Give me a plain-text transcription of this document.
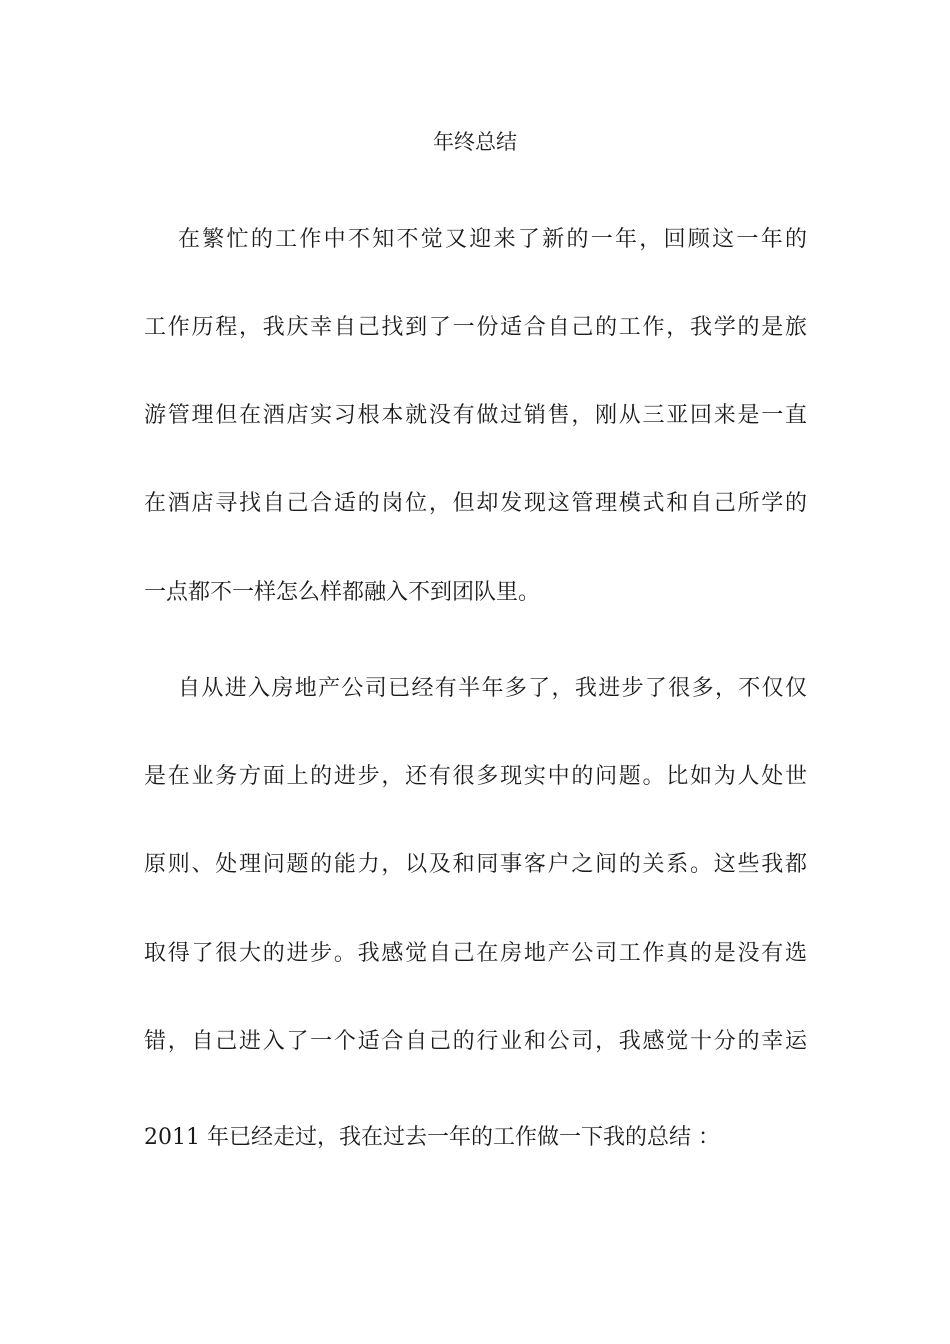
年终总结

在繁忙的工作中不知不觉又迎来了新的一年，回顾这一年的

工作历程，我庆幸自己找到了一份适合自己的工作，我学的是旅

游管理但在酒店实习根本就没有做过销售，刚从三亚回来是一直

在酒店寻找自己合适的岗位，但却发现这管理模式和自己所学的

一点都不一样怎么样都融入不到团队里。

自从进入房地产公司已经有半年多了，我进步了很多，不仅仅

是在业务方面上的进步，还有很多现实中的问题。比如为人处世

原则、处理问题的能力，以及和同事客户之间的关系。这些我都

取得了很大的进步。我感觉自己在房地产公司工作真的是没有选

错，自己进入了一个适合自己的行业和公司，我感觉十分的幸运

2011 年已经走过，我在过去一年的工作做一下我的总结 ：
